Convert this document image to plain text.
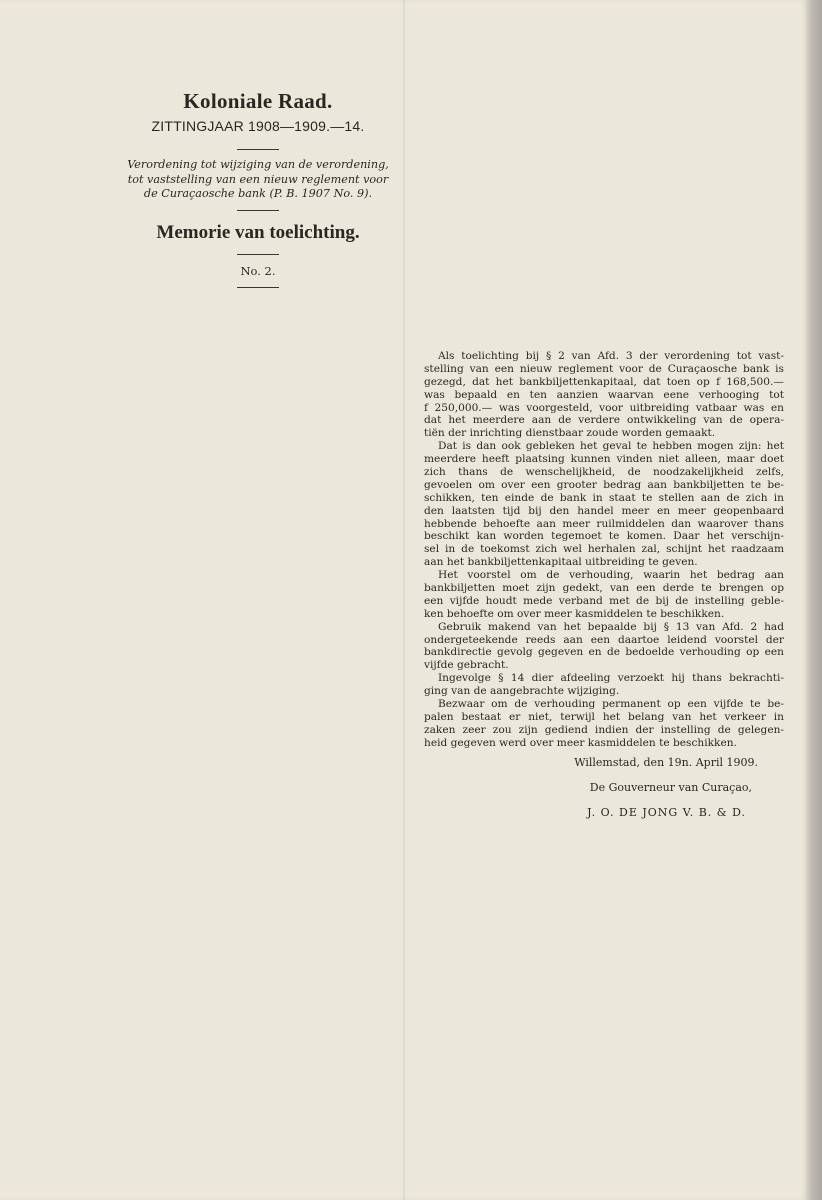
Koloniale Raad.
ZITTINGJAAR 1908—1909.—14.
Verordening tot wijziging van de verordening,
tot vaststelling van een nieuw reglement voor
de Curaçaosche bank (P. B. 1907 No. 9).
Memorie van toelichting.
No. 2.
Als toelichting bij § 2 van Afd. 3 der verordening tot vast-
stelling van een nieuw reglement voor de Curaçaosche bank is
gezegd, dat het bankbiljettenkapitaal, dat toen op f 168,500.—
was bepaald en ten aanzien waarvan eene verhooging tot
f 250,000.— was voorgesteld, voor uitbreiding vatbaar was en
dat het meerdere aan de verdere ontwikkeling van de opera-
tiën der inrichting dienstbaar zoude worden gemaakt.
Dat is dan ook gebleken het geval te hebben mogen zijn: het
meerdere heeft plaatsing kunnen vinden niet alleen, maar doet
zich thans de wenschelijkheid, de noodzakelijkheid zelfs,
gevoelen om over een grooter bedrag aan bankbiljetten te be-
schikken, ten einde de bank in staat te stellen aan de zich in
den laatsten tijd bij den handel meer en meer geopenbaard
hebbende behoefte aan meer ruilmiddelen dan waarover thans
beschikt kan worden tegemoet te komen. Daar het verschijn-
sel in de toekomst zich wel herhalen zal, schijnt het raadzaam
aan het bankbiljettenkapitaal uitbreiding te geven.
Het voorstel om de verhouding, waarin het bedrag aan
bankbiljetten moet zijn gedekt, van een derde te brengen op
een vijfde houdt mede verband met de bij de instelling geble-
ken behoefte om over meer kasmiddelen te beschikken.
Gebruik makend van het bepaalde bij § 13 van Afd. 2 had
ondergeteekende reeds aan een daartoe leidend voorstel der
bankdirectie gevolg gegeven en de bedoelde verhouding op een
vijfde gebracht.
Ingevolge § 14 dier afdeeling verzoekt hij thans bekrachti-
ging van de aangebrachte wijziging.
Bezwaar om de verhouding permanent op een vijfde te be-
palen bestaat er niet, terwijl het belang van het verkeer in
zaken zeer zou zijn gediend indien der instelling de gelegen-
heid gegeven werd over meer kasmiddelen te beschikken.
Willemstad, den 19n. April 1909.
De Gouverneur van Curaçao,
J. O. DE JONG V. B. & D.
